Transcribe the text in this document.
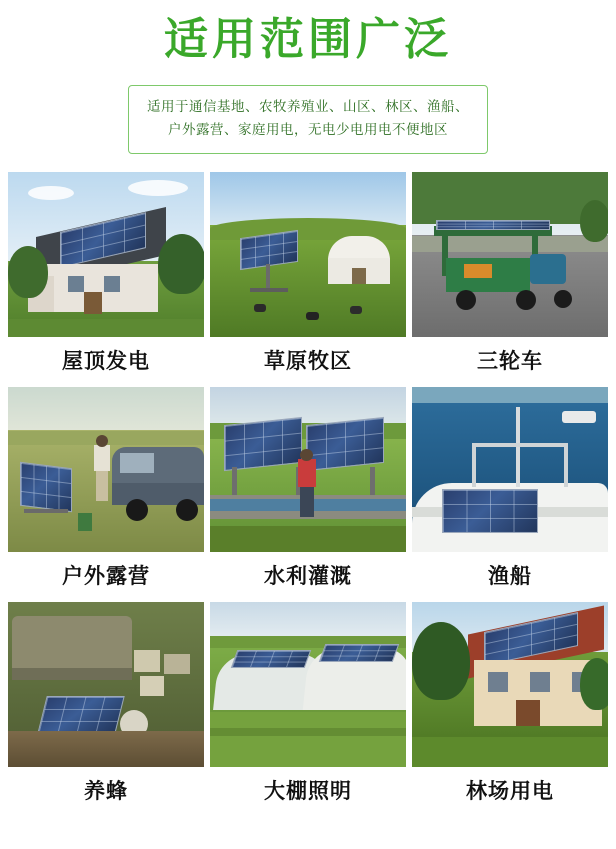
适用范围广泛
适用于通信基地、农牧养殖业、山区、林区、渔船、
户外露营、家庭用电，无电少电用电不便地区
屋顶发电	草原牧区	三轮车
户外露营	水利灌溉	渔船
养蜂	大棚照明	林场用电
